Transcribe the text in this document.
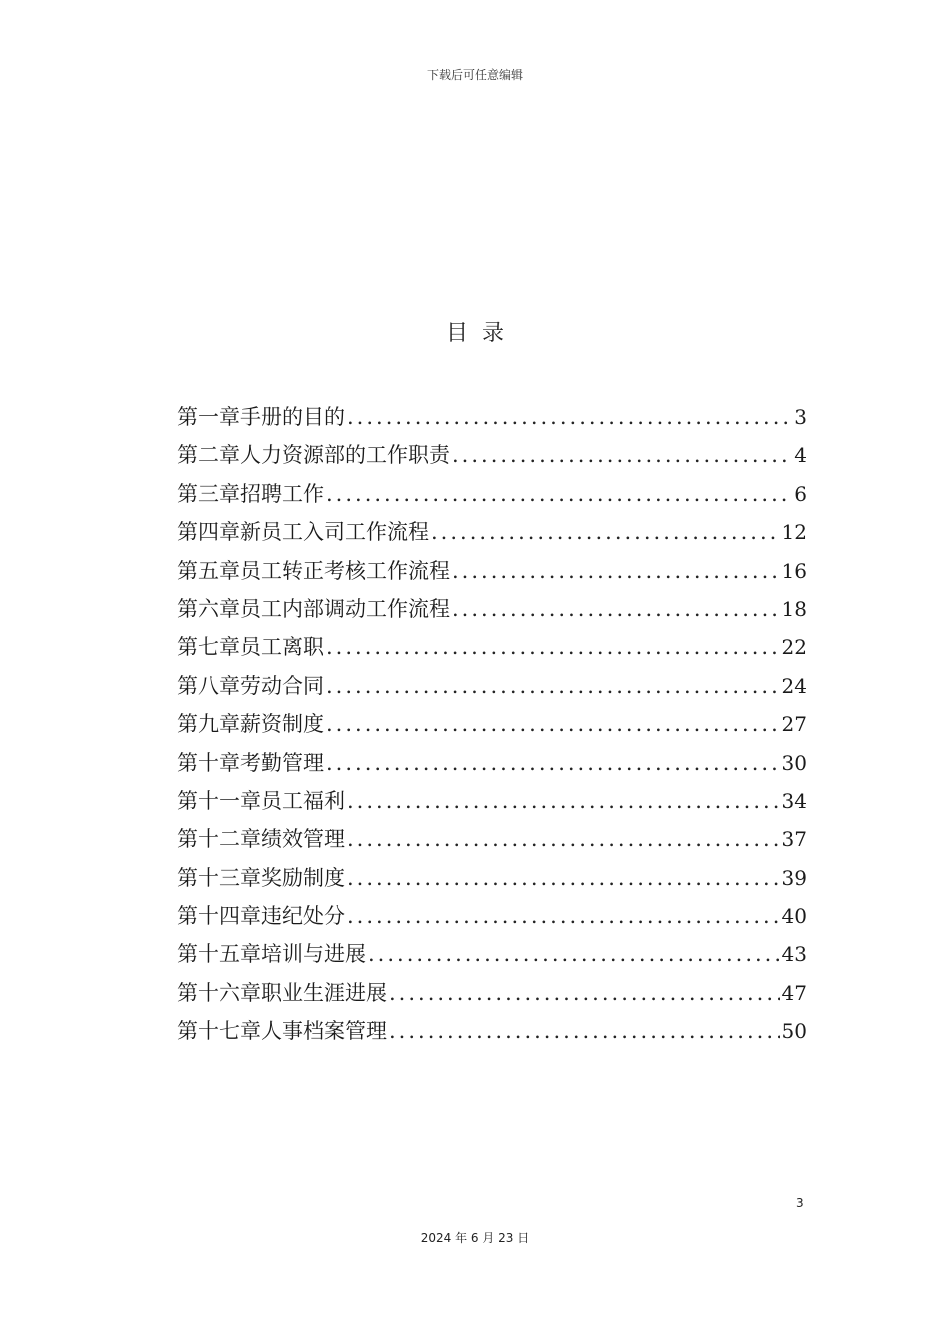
下载后可任意编辑
目录
第一章 手册的目的 .....	3
第二章 人力资源部的工作职责 .....	4
第三章 招聘工作 .....	6
第四章 新员工入司工作流程 .....	12
第五章 员工转正考核工作流程 .....	16
第六章 员工内部调动工作流程 .....	18
第七章 员工离职 .....	22
第八章 劳动合同 .....	24
第九章 薪资制度 .....	27
第十章 考勤管理 .....	30
第十一章 员工福利 .....	34
第十二章 绩效管理 .....	37
第十三章 奖励制度 .....	39
第十四章 违纪处分 .....	40
第十五章 培训与进展 .....	43
第十六章 职业生涯进展 .....	47
第十七章 人事档案管理 .....	50
3
2024 年 6 月 23 日
